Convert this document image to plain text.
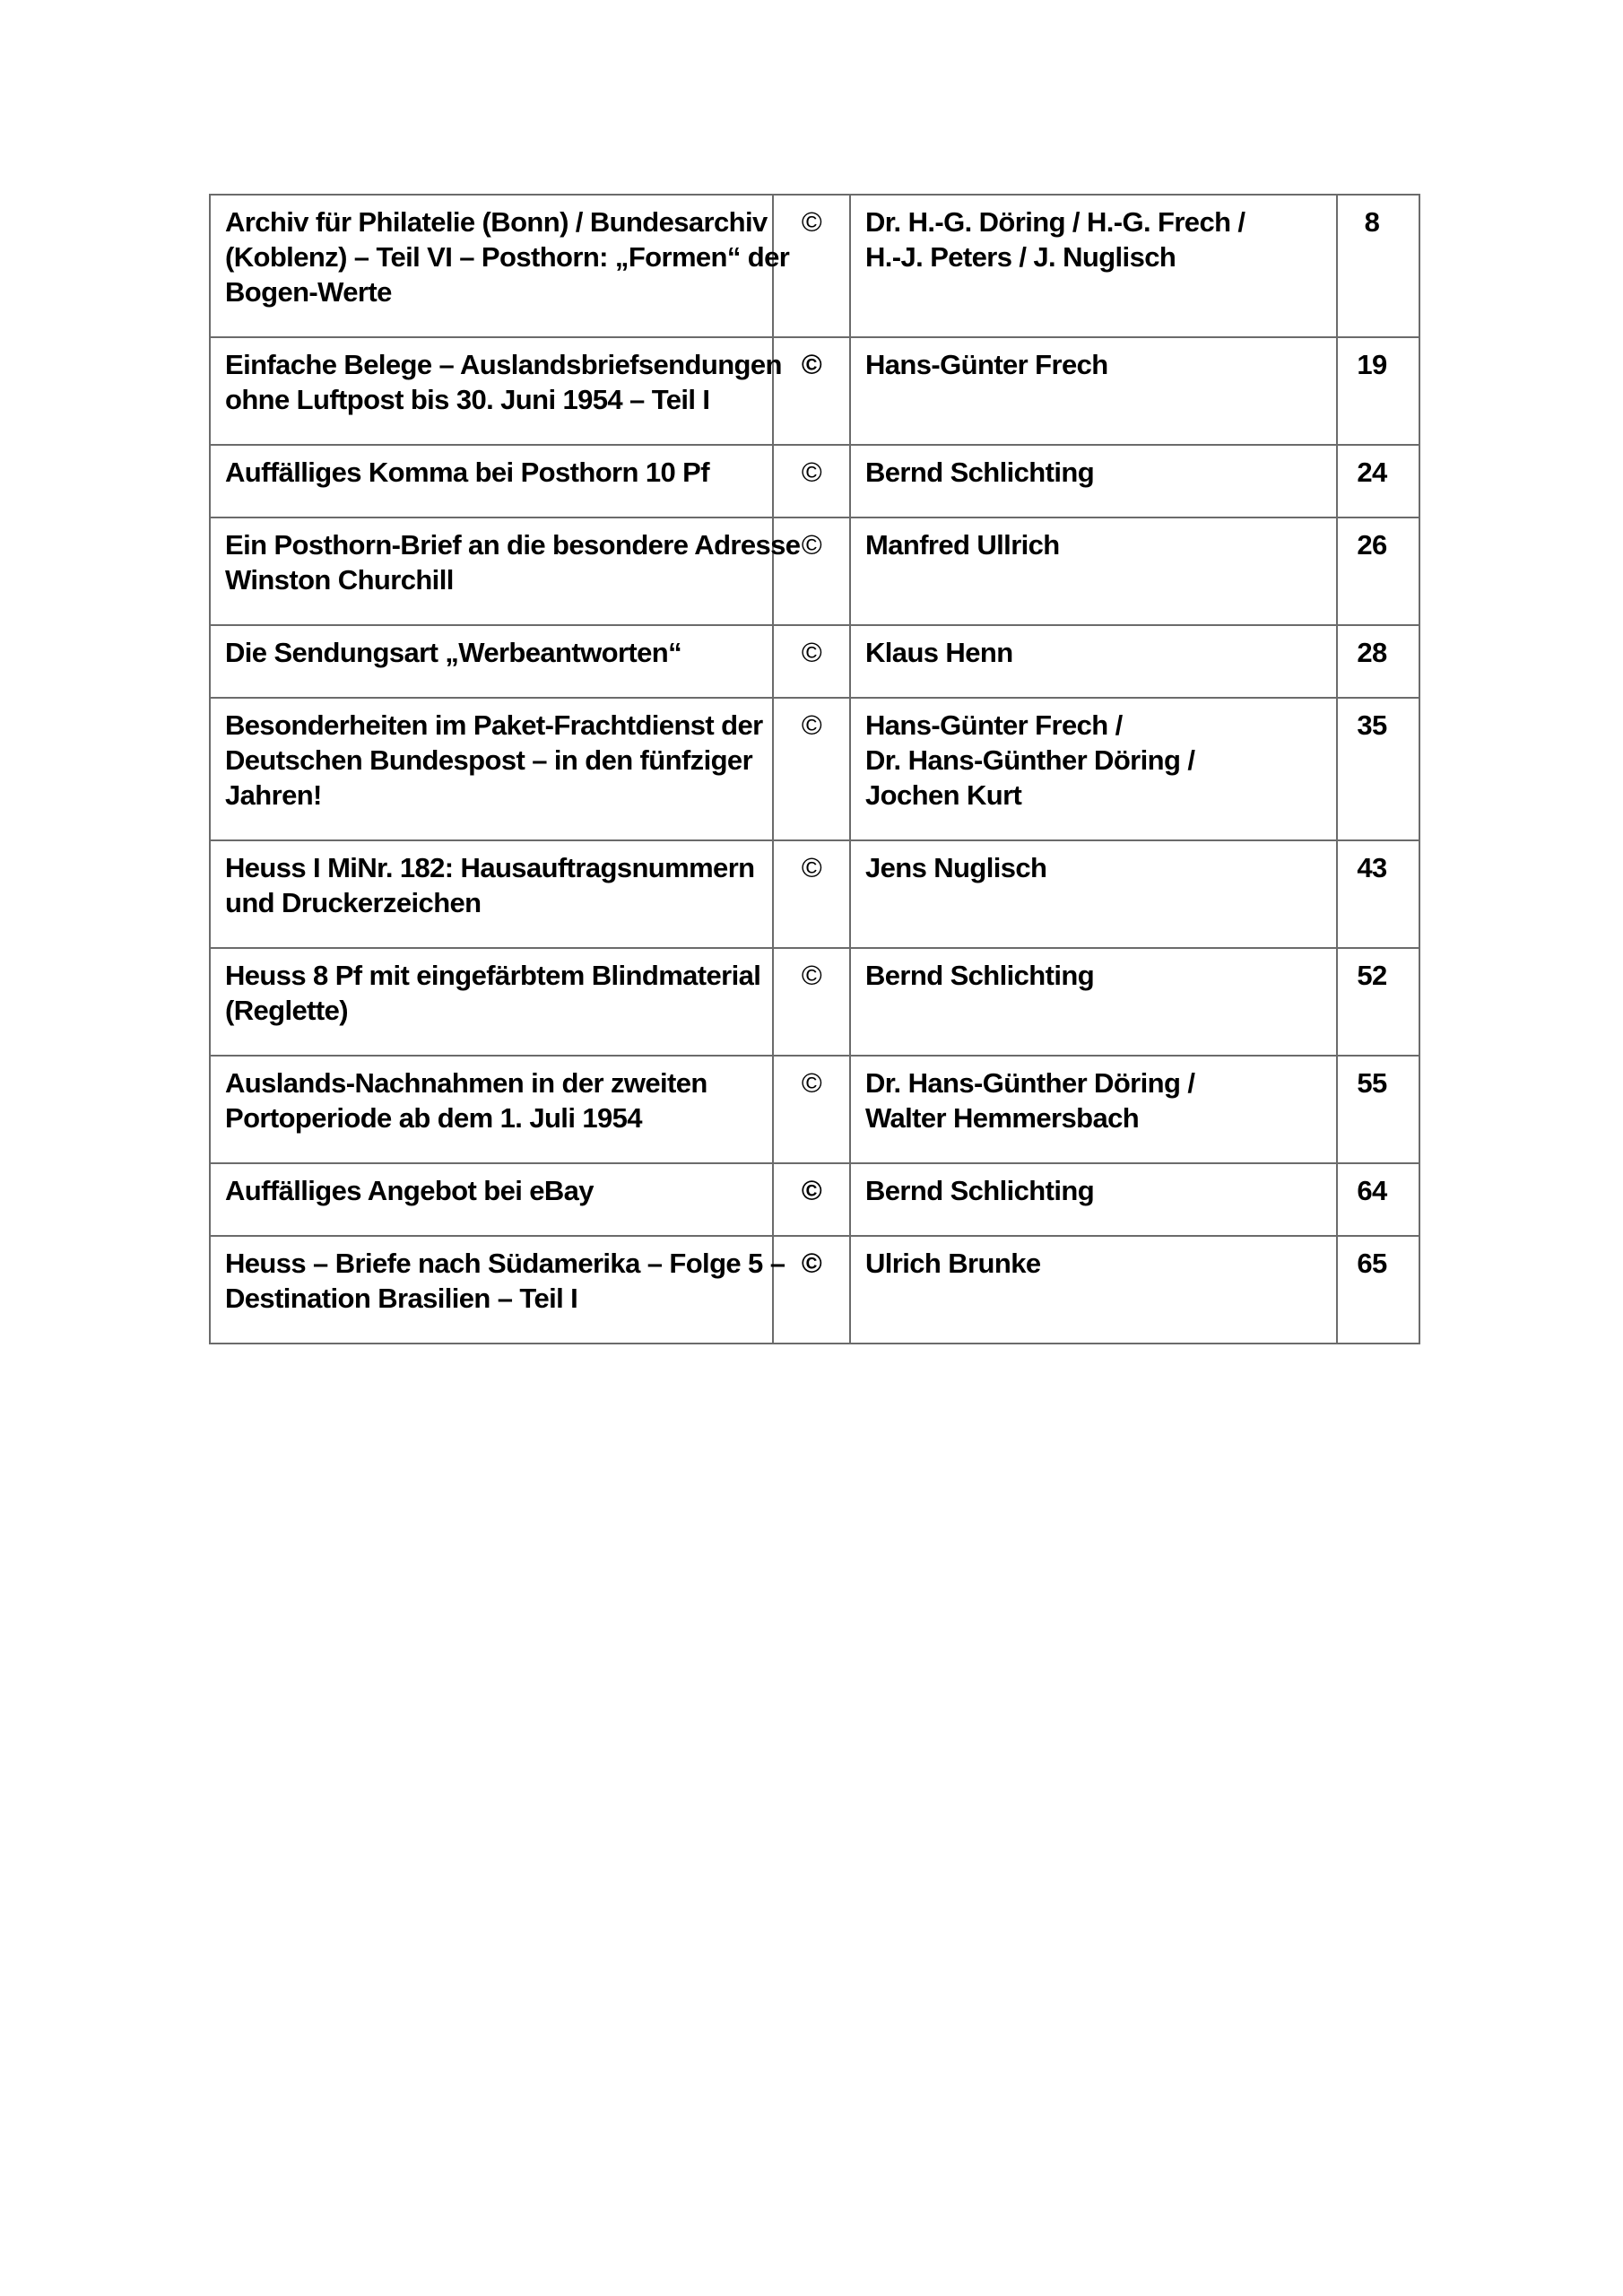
Archiv für Philatelie (Bonn) / Bundesarchiv
(Koblenz) – Teil VI – Posthorn: „Formen“ der
Bogen-Werte	©	Dr. H.-G. Döring / H.-G. Frech /
H.-J. Peters / J. Nuglisch	8

Einfache Belege – Auslandsbriefsendungen
ohne Luftpost bis 30. Juni 1954 – Teil I	©	Hans-Günter Frech	19

Auffälliges Komma bei Posthorn 10 Pf	©	Bernd Schlichting	24

Ein Posthorn-Brief an die besondere Adresse
Winston Churchill	©	Manfred Ullrich	26

Die Sendungsart „Werbeantworten“	©	Klaus Henn	28

Besonderheiten im Paket-Frachtdienst der
Deutschen Bundespost – in den fünfziger
Jahren!	©	Hans-Günter Frech /
Dr. Hans-Günther Döring /
Jochen Kurt	35

Heuss I MiNr. 182: Hausauftragsnummern
und Druckerzeichen	©	Jens Nuglisch	43

Heuss 8 Pf mit eingefärbtem Blindmaterial
(Reglette)	©	Bernd Schlichting	52

Auslands-Nachnahmen in der zweiten
Portoperiode ab dem 1. Juli 1954	©	Dr. Hans-Günther Döring /
Walter Hemmersbach	55

Auffälliges Angebot bei eBay	©	Bernd Schlichting	64

Heuss – Briefe nach Südamerika – Folge 5 –
Destination Brasilien – Teil I	©	Ulrich Brunke	65
